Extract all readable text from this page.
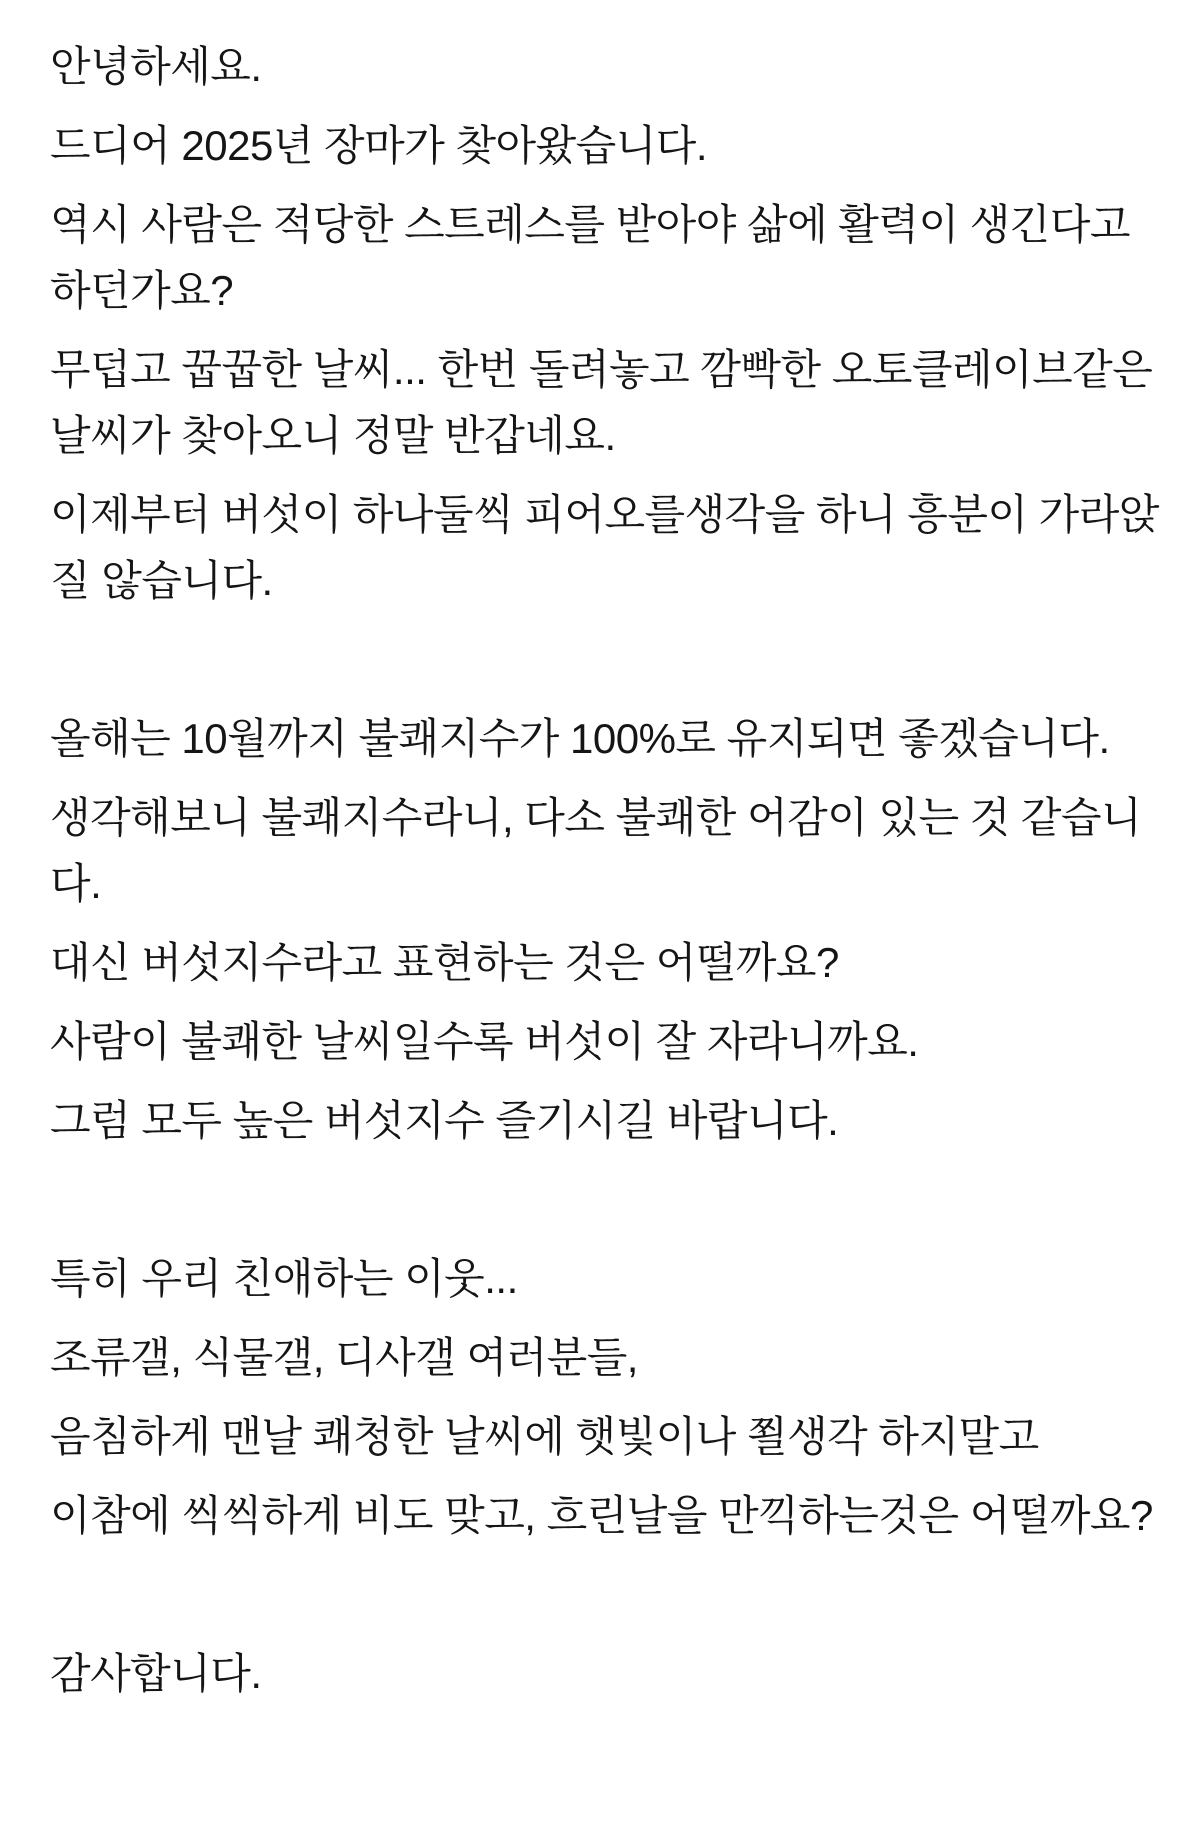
안녕하세요.

드디어 2025년 장마가 찾아왔습니다.

역시 사람은 적당한 스트레스를 받아야 삶에 활력이 생긴다고
하던가요?

무덥고 꿉꿉한 날씨... 한번 돌려놓고 깜빡한 오토클레이브같은
날씨가 찾아오니 정말 반갑네요.

이제부터 버섯이 하나둘씩 피어오를생각을 하니 흥분이 가라앉
질 않습니다.

올해는 10월까지 불쾌지수가 100%로 유지되면 좋겠습니다.

생각해보니 불쾌지수라니, 다소 불쾌한 어감이 있는 것 같습니
다.

대신 버섯지수라고 표현하는 것은 어떨까요?

사람이 불쾌한 날씨일수록 버섯이 잘 자라니까요.

그럼 모두 높은 버섯지수 즐기시길 바랍니다.

특히 우리 친애하는 이웃...

조류갤, 식물갤, 디사갤 여러분들,

음침하게 맨날 쾌청한 날씨에 햇빛이나 쬘생각 하지말고

이참에 씩씩하게 비도 맞고, 흐린날을 만끽하는것은 어떨까요?

감사합니다.
